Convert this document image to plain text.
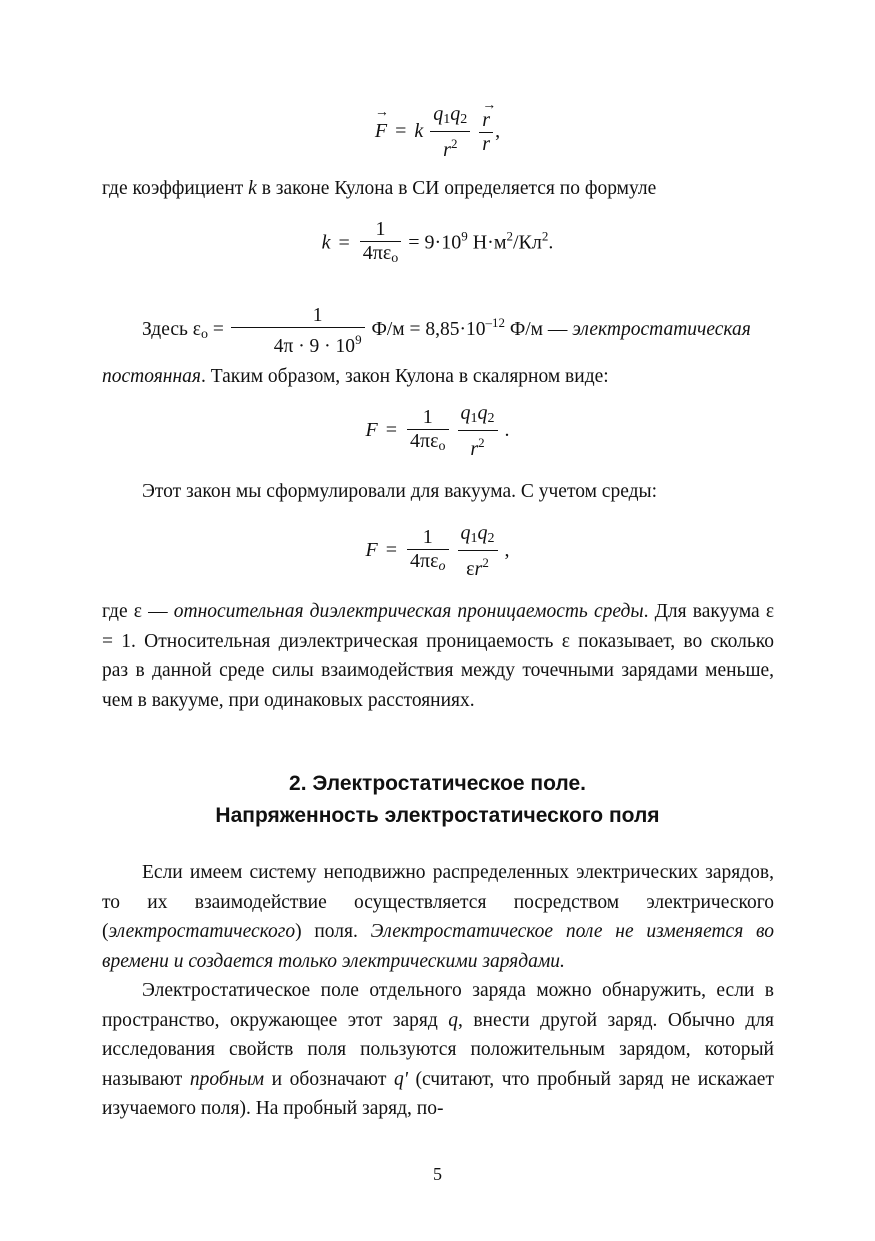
→ F = k $\frac{q1q2}{r^2}$

→ $\frac{r}{r}$ ,

где коэффициент k в законе Кулона в СИ определяется по формуле

$k = \frac{1}{\text{4πεo}} = 9\cdot 10^9$ $Н\cdot м^2/Кл^2$.
Здесь $\varepsilon o = \frac{1}{4\pi \cdot 9 \cdot 10^9} Ф/м = 8,85\cdot 10^{-12}$ Ф/м — электростатическая

постоянная. Таким образом, закон Кулона в скалярном виде:

$F = \frac{1}{\text{4πεo}}$
$\frac{q1q2}{r^2}$ .

Этот закон мы сформулировали для вакуума. С учетом среды:

$F = \frac{1}{\text{4πεo}}$
$\frac{q1q2}{\varepsilon r^2}$ ,

где ε — относительная диэлектрическая проницаемость среды. Для вакуума ε = 1. Относительная диэлектрическая проницаемость ε показывает, во сколько раз в данной среде силы взаимодействия между точечными зарядами меньше, чем в вакууме, при одинаковых расстояниях.

2. Электростатическое поле.
Напряженность электростатического поля

Если имеем систему неподвижно распределенных электрических зарядов, то их взаимодействие осуществляется посредством электрического (электростатического) поля. Электростатическое поле не изменяется во времени и создается только электрическими зарядами.

Электростатическое поле отдельного заряда можно обнаружить, если в пространство, окружающее этот заряд q, внести другой заряд. Обычно для исследования свойств поля пользуются положительным зарядом, который называют пробным и обозначают q' (считают, что пробный заряд не искажает изучаемого поля). На пробный заряд, по-

5
